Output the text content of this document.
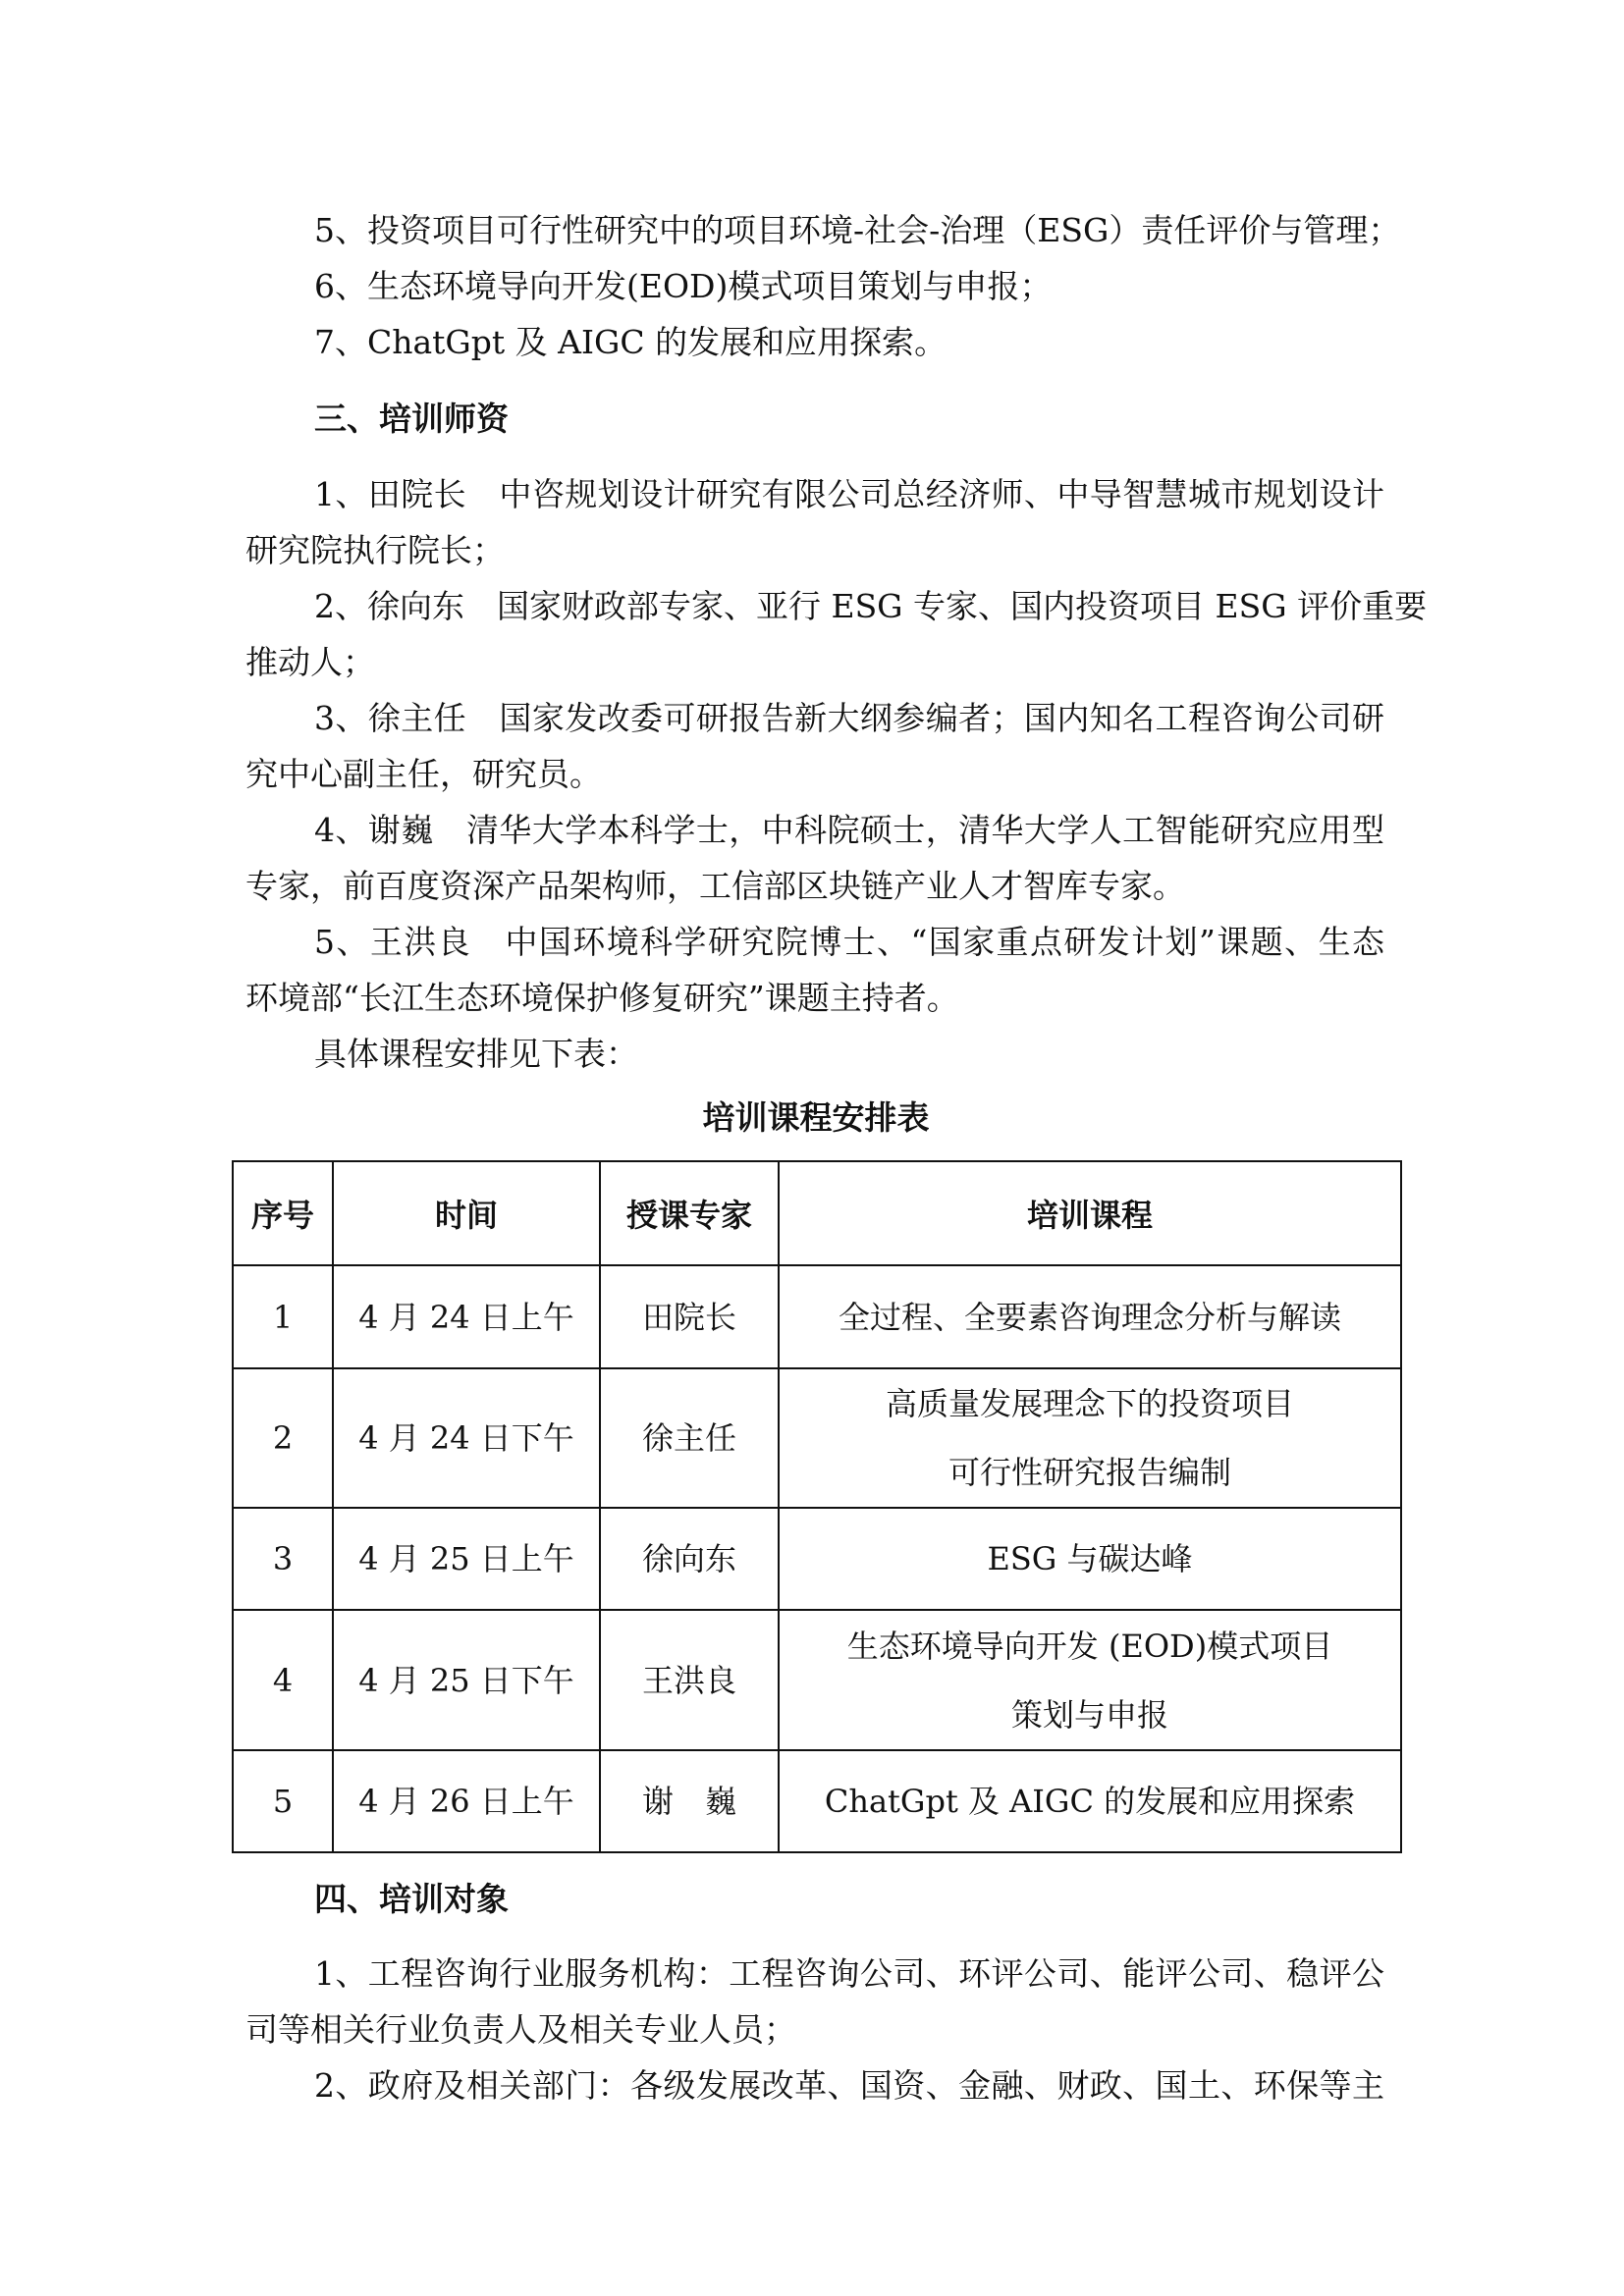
5、投资项目可行性研究中的项目环境-社会-治理（ESG）责任评价与管理；
6、生态环境导向开发(EOD)模式项目策划与申报；
7、ChatGpt 及 AIGC 的发展和应用探索。
三、培训师资
1、田院长　中咨规划设计研究有限公司总经济师、中导智慧城市规划设计
研究院执行院长；
2、徐向东　国家财政部专家、亚行 ESG 专家、国内投资项目 ESG 评价重要
推动人；
3、徐主任　国家发改委可研报告新大纲参编者；国内知名工程咨询公司研
究中心副主任，研究员。
4、谢巍　清华大学本科学士，中科院硕士，清华大学人工智能研究应用型
专家，前百度资深产品架构师，工信部区块链产业人才智库专家。
5、王洪良　中国环境科学研究院博士、“国家重点研发计划”课题、生态
环境部“长江生态环境保护修复研究”课题主持者。
具体课程安排见下表：
培训课程安排表
序号	时间	授课专家	培训课程
1	4 月 24 日上午	田院长	全过程、全要素咨询理念分析与解读

2	4 月 24 日下午	徐主任	高质量发展理念下的投资项目
可行性研究报告编制

3	4 月 25 日上午	徐向东	ESG 与碳达峰

4	4 月 25 日下午	王洪良	生态环境导向开发 (EOD)模式项目
策划与申报

5	4 月 26 日上午	谢　巍	ChatGpt 及 AIGC 的发展和应用探索
四、培训对象
1、工程咨询行业服务机构：工程咨询公司、环评公司、能评公司、稳评公
司等相关行业负责人及相关专业人员；
2、政府及相关部门：各级发展改革、国资、金融、财政、国土、环保等主
